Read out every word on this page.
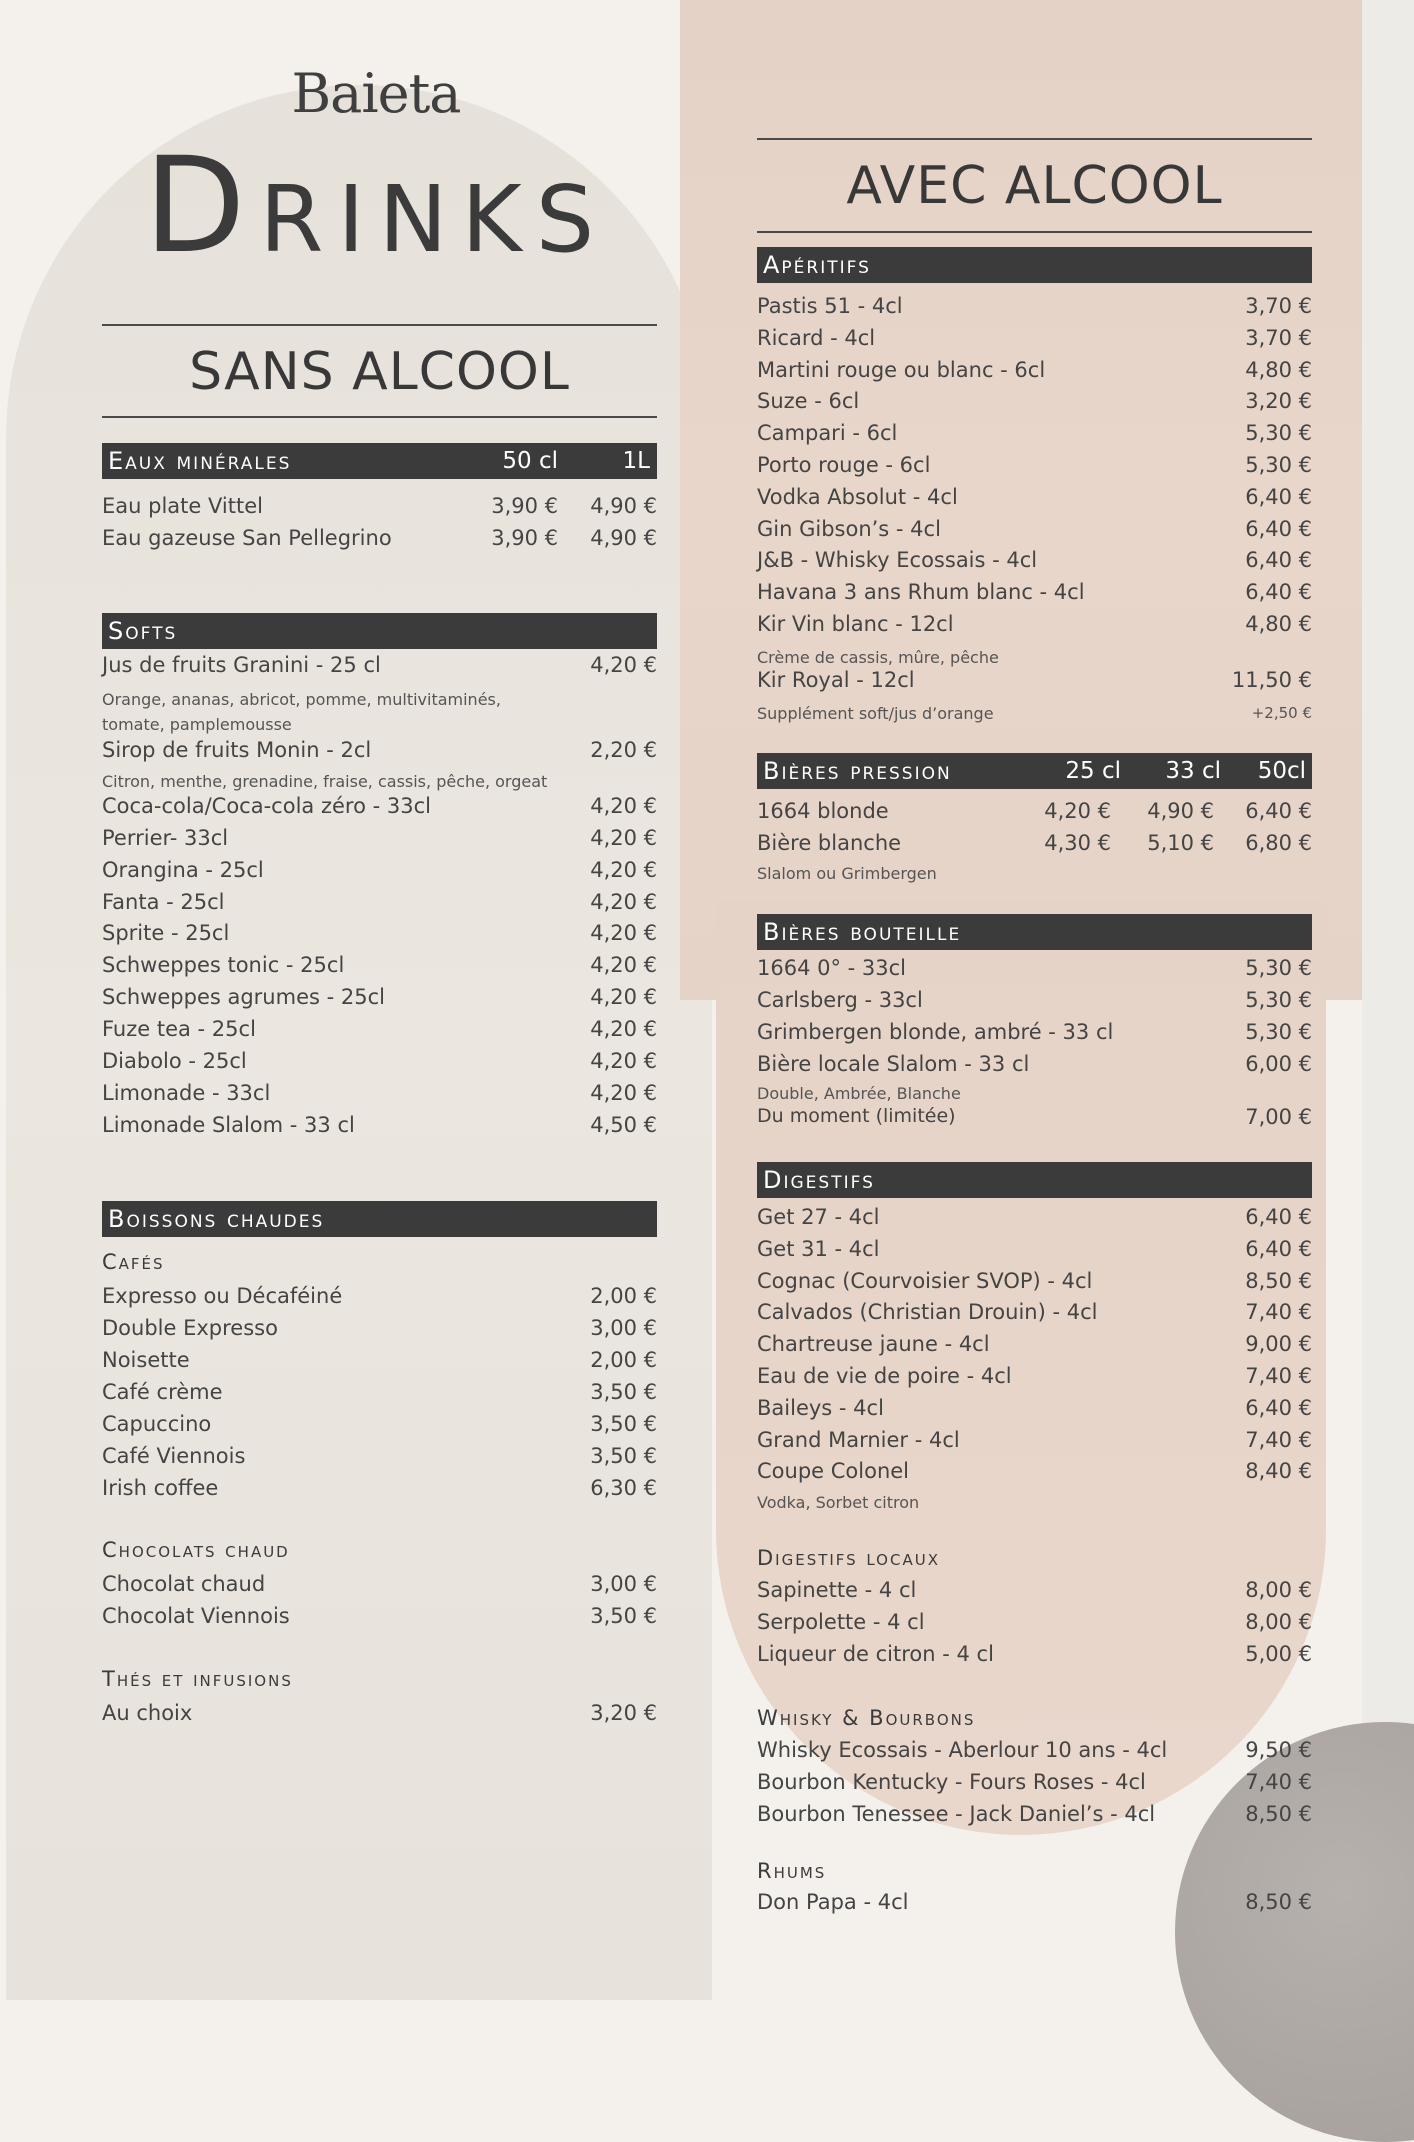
Baieta
Drinks
SANS ALCOOL
Eaux minérales	50 cl	1L
Eau plate Vittel	3,90 €	4,90 €
Eau gazeuse San Pellegrino	3,90 €	4,90 €
Softs
Jus de fruits Granini - 25 cl	4,20 €
Orange, ananas, abricot, pomme, multivitaminés,
tomate, pamplemousse
Sirop de fruits Monin - 2cl	2,20 €
Citron, menthe, grenadine, fraise, cassis, pêche, orgeat
Coca-cola/Coca-cola zéro - 33cl	4,20 €
Perrier- 33cl	4,20 €
Orangina - 25cl	4,20 €
Fanta - 25cl	4,20 €
Sprite - 25cl	4,20 €
Schweppes tonic - 25cl	4,20 €
Schweppes agrumes - 25cl	4,20 €
Fuze tea - 25cl	4,20 €
Diabolo - 25cl	4,20 €
Limonade - 33cl	4,20 €
Limonade Slalom - 33 cl	4,50 €
Boissons chaudes
Cafés
Expresso ou Décaféiné	2,00 €
Double Expresso	3,00 €
Noisette	2,00 €
Café crème	3,50 €
Capuccino	3,50 €
Café Viennois	3,50 €
Irish coffee	6,30 €
Chocolats chaud
Chocolat chaud	3,00 €
Chocolat Viennois	3,50 €
Thés et infusions
Au choix	3,20 €
AVEC ALCOOL
Apéritifs
Pastis 51 - 4cl	3,70 €
Ricard - 4cl	3,70 €
Martini rouge ou blanc - 6cl	4,80 €
Suze - 6cl	3,20 €
Campari - 6cl	5,30 €
Porto rouge - 6cl	5,30 €
Vodka Absolut - 4cl	6,40 €
Gin Gibson’s - 4cl	6,40 €
J&B - Whisky Ecossais - 4cl	6,40 €
Havana 3 ans Rhum blanc - 4cl	6,40 €
Kir Vin blanc - 12cl	4,80 €
Crème de cassis, mûre, pêche
Kir Royal - 12cl	11,50 €
Supplément soft/jus d’orange	+2,50 €
Bières pression	25 cl	33 cl	50cl
1664 blonde	4,20 €	4,90 €	6,40 €
Bière blanche	4,30 €	5,10 €	6,80 €
Slalom ou Grimbergen
Bières bouteille
1664 0° - 33cl	5,30 €
Carlsberg - 33cl	5,30 €
Grimbergen blonde, ambré - 33 cl	5,30 €
Bière locale Slalom - 33 cl	6,00 €
Double, Ambrée, Blanche
Du moment (limitée)	7,00 €
Digestifs
Get 27 - 4cl	6,40 €
Get 31 - 4cl	6,40 €
Cognac (Courvoisier SVOP) - 4cl	8,50 €
Calvados (Christian Drouin) - 4cl	7,40 €
Chartreuse jaune - 4cl	9,00 €
Eau de vie de poire - 4cl	7,40 €
Baileys - 4cl	6,40 €
Grand Marnier - 4cl	7,40 €
Coupe Colonel	8,40 €
Vodka, Sorbet citron
Digestifs locaux
Sapinette - 4 cl	8,00 €
Serpolette - 4 cl	8,00 €
Liqueur de citron - 4 cl	5,00 €
Whisky & Bourbons
Whisky Ecossais - Aberlour 10 ans - 4cl	9,50 €
Bourbon Kentucky - Fours Roses - 4cl	7,40 €
Bourbon Tenessee - Jack Daniel’s - 4cl	8,50 €
Rhums
Don Papa - 4cl	8,50 €
